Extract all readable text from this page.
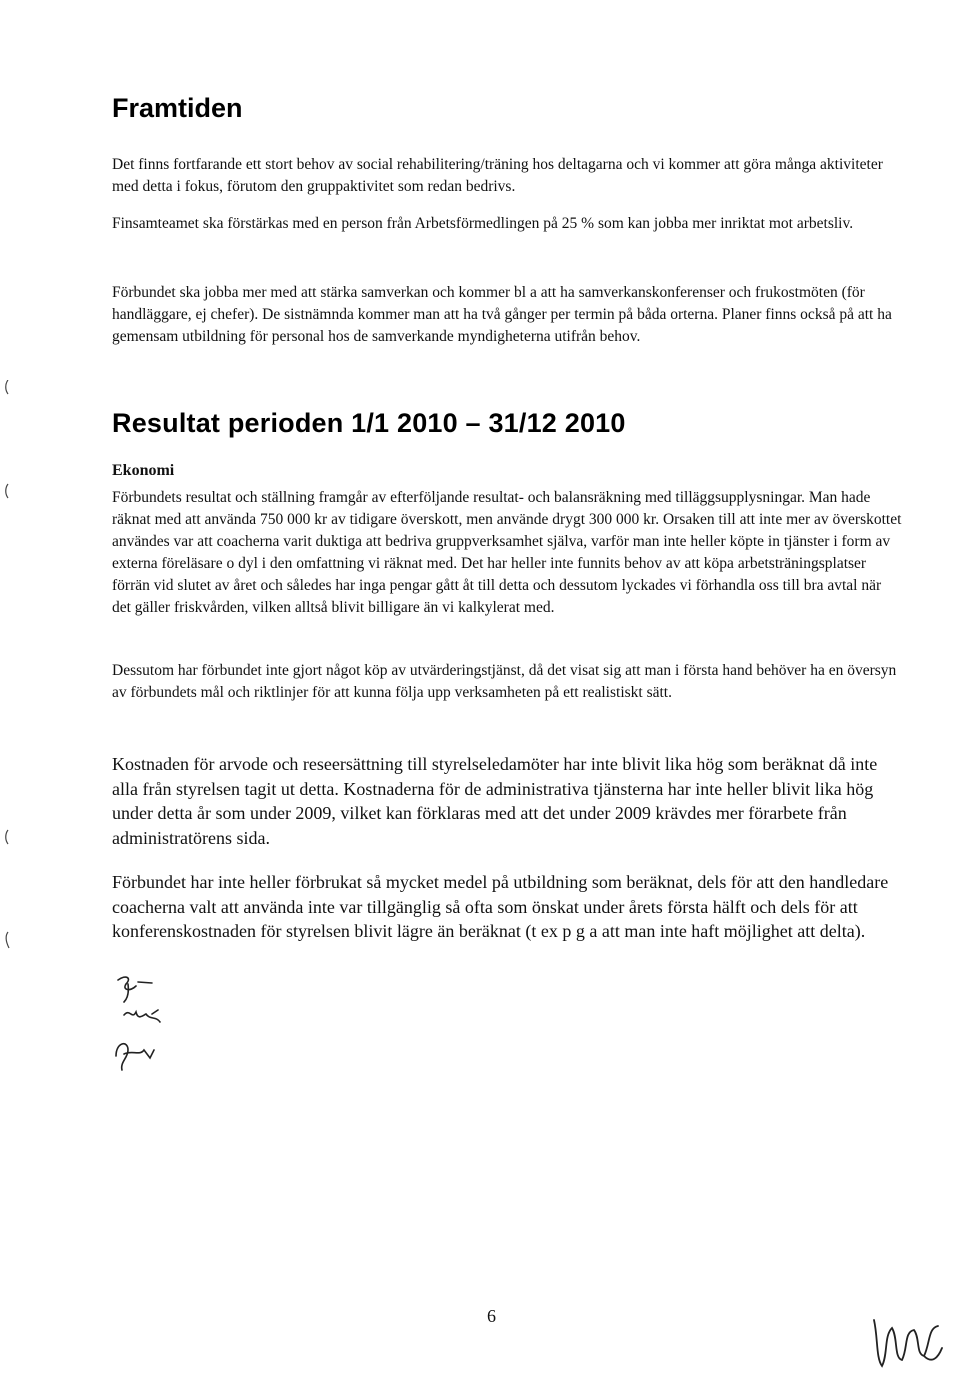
Framtiden

Det finns fortfarande ett stort behov av social rehabilitering/träning hos deltagarna och vi kommer att göra många aktiviteter med detta i fokus, förutom den gruppaktivitet som redan bedrivs.

Finsamteamet ska förstärkas med en person från Arbetsförmedlingen på 25 % som kan jobba mer inriktat mot arbetsliv.

Förbundet ska jobba mer med att stärka samverkan och kommer bl a att ha samverkanskonferenser och frukostmöten (för handläggare, ej chefer). De sistnämnda kommer man att ha två gånger per termin på båda orterna. Planer finns också på att ha gemensam utbildning för personal hos de samverkande myndigheterna utifrån behov.

Resultat perioden 1/1 2010 – 31/12 2010
Ekonomi

Förbundets resultat och ställning framgår av efterföljande resultat- och balansräkning med tilläggsupplysningar. Man hade räknat med att använda 750 000 kr av tidigare överskott, men använde drygt 300 000 kr. Orsaken till att inte mer av överskottet användes var att coacherna varit duktiga att bedriva gruppverksamhet själva, varför man inte heller köpte in tjänster i form av externa föreläsare o dyl i den omfattning vi räknat med. Det har heller inte funnits behov av att köpa arbetsträningsplatser förrän vid slutet av året och således har inga pengar gått åt till detta och dessutom lyckades vi förhandla oss till bra avtal när det gäller friskvården, vilken alltså blivit billigare än vi kalkylerat med.

Dessutom har förbundet inte gjort något köp av utvärderingstjänst, då det visat sig att man i första hand behöver ha en översyn av förbundets mål och riktlinjer för att kunna följa upp verksamheten på ett realistiskt sätt.

Kostnaden för arvode och reseersättning till styrelseledamöter har inte blivit lika hög som beräknat då inte alla från styrelsen tagit ut detta. Kostnaderna för de administrativa tjänsterna har inte heller blivit lika hög under detta år som under 2009, vilket kan förklaras med att det under 2009 krävdes mer förarbete från administratörens sida.

Förbundet har inte heller förbrukat så mycket medel på utbildning som beräknat, dels för att den handledare coacherna valt att använda inte var tillgänglig så ofta som önskat under årets första hälft och dels för att konferenskostnaden för styrelsen blivit lägre än beräknat (t ex p g a att man inte haft möjlighet att delta).

6
